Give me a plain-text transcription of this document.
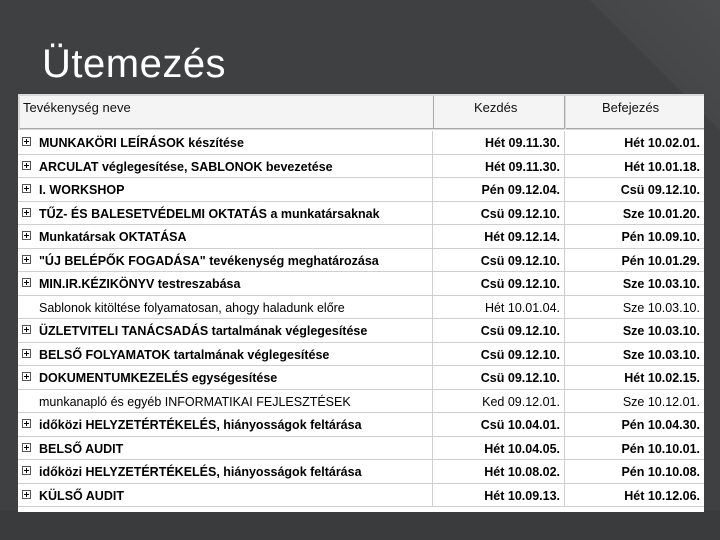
Ütemezés
Tevékenység neve	Kezdés	Befejezés
MUNKAKÖRI LEÍRÁSOK készítése	Hét 09.11.30.	Hét 10.02.01.
ARCULAT véglegesítése, SABLONOK bevezetése	Hét 09.11.30.	Hét 10.01.18.
I. WORKSHOP	Pén 09.12.04.	Csü 09.12.10.
TŰZ- ÉS BALESETVÉDELMI OKTATÁS a munkatársaknak	Csü 09.12.10.	Sze 10.01.20.
Munkatársak OKTATÁSA	Hét 09.12.14.	Pén 10.09.10.
"ÚJ BELÉPŐK FOGADÁSA" tevékenység meghatározása	Csü 09.12.10.	Pén 10.01.29.
MIN.IR.KÉZIKÖNYV testreszabása	Csü 09.12.10.	Sze 10.03.10.
Sablonok kitöltése folyamatosan, ahogy haladunk előre	Hét 10.01.04.	Sze 10.03.10.
ÜZLETVITELI TANÁCSADÁS tartalmának véglegesítése	Csü 09.12.10.	Sze 10.03.10.
BELSŐ FOLYAMATOK tartalmának véglegesítése	Csü 09.12.10.	Sze 10.03.10.
DOKUMENTUMKEZELÉS egységesítése	Csü 09.12.10.	Hét 10.02.15.
munkanapló és egyéb INFORMATIKAI FEJLESZTÉSEK	Ked 09.12.01.	Sze 10.12.01.
időközi HELYZETÉRTÉKELÉS, hiányosságok feltárása	Csü 10.04.01.	Pén 10.04.30.
BELSŐ AUDIT	Hét 10.04.05.	Pén 10.10.01.
időközi HELYZETÉRTÉKELÉS, hiányosságok feltárása	Hét 10.08.02.	Pén 10.10.08.
KÜLSŐ AUDIT	Hét 10.09.13.	Hét 10.12.06.
